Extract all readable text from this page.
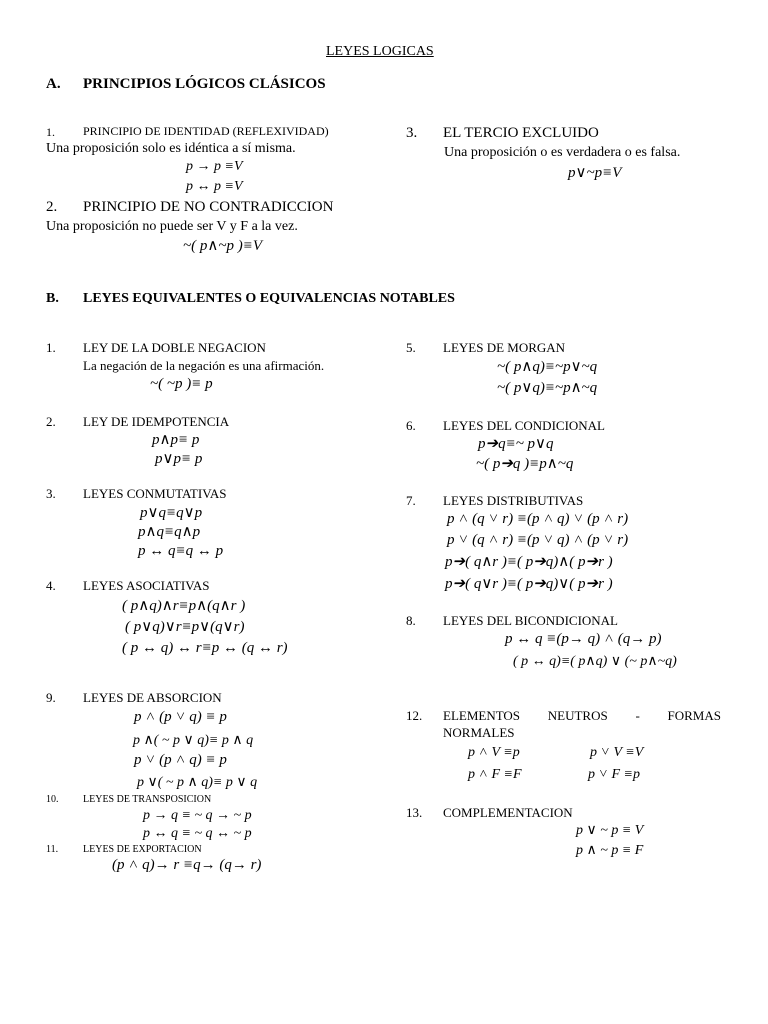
LEYES LOGICAS
A. PRINCIPIOS LÓGICOS CLÁSICOS
1. PRINCIPIO DE IDENTIDAD (REFLEXIVIDAD)
Una proposición solo es idéntica a sí misma.
p → p ≡V
p ↔ p ≡V
2. PRINCIPIO DE NO CONTRADICCION
Una proposición no puede ser V y F a la vez.
~( p∧~p )≡V
3. EL TERCIO EXCLUIDO
Una proposición o es verdadera o es falsa.
p∨~p≡V
B. LEYES EQUIVALENTES O EQUIVALENCIAS NOTABLES
1. LEY DE LA DOBLE NEGACION
La negación de la negación es una afirmación.
~( ~p )≡ p
2. LEY DE IDEMPOTENCIA
p∧p≡ p
p∨p≡ p
3. LEYES CONMUTATIVAS
p∨q≡q∨p
p∧q≡q∧p
p ↔ q≡q ↔ p
4. LEYES ASOCIATIVAS
( p∧q)∧r≡p∧(q∧r )
( p∨q)∨r≡p∨(q∨r)
( p ↔ q) ↔ r≡p ↔ (q ↔ r)
5. LEYES DE MORGAN
~( p∧q)≡~p∨~q
~( p∨q)≡~p∧~q
6. LEYES DEL CONDICIONAL
p➔q≡~ p∨q
~( p➔q )≡p∧~q
7. LEYES DISTRIBUTIVAS
p ˄ (q ˅ r) ≡(p ˄ q) ˅ (p ˄ r)
p ˅ (q ˄ r) ≡(p ˅ q) ˄ (p ˅ r)
p➔( q∧r )≡( p➔q)∧( p➔r )
p➔( q∨r )≡( p➔q)∨( p➔r )
8. LEYES DEL BICONDICIONAL
p ↔ q ≡(p→ q) ˄ (q→ p)
( p ↔ q)≡( p∧q) ∨ (~ p∧~q)
9. LEYES DE ABSORCION
p ˄ (p ˅ q) ≡ p
p ∧( ~ p ∨ q)≡ p ∧ q
p ˅ (p ˄ q) ≡ p
p ∨( ~ p ∧ q)≡ p ∨ q
10. LEYES DE TRANSPOSICION
p → q ≡ ~ q → ~ p
p ↔ q ≡ ~ q ↔ ~ p
11. LEYES DE EXPORTACION
(p ˄ q)→ r ≡q→ (q→ r)
12. ELEMENTOS NEUTROS - FORMAS
NORMALES
p ˄ V ≡p	p ˅ V ≡V
p ˄ F ≡F	p ˅ F ≡p
13. COMPLEMENTACION
p ∨ ~ p ≡ V
p ∧ ~ p ≡ F
